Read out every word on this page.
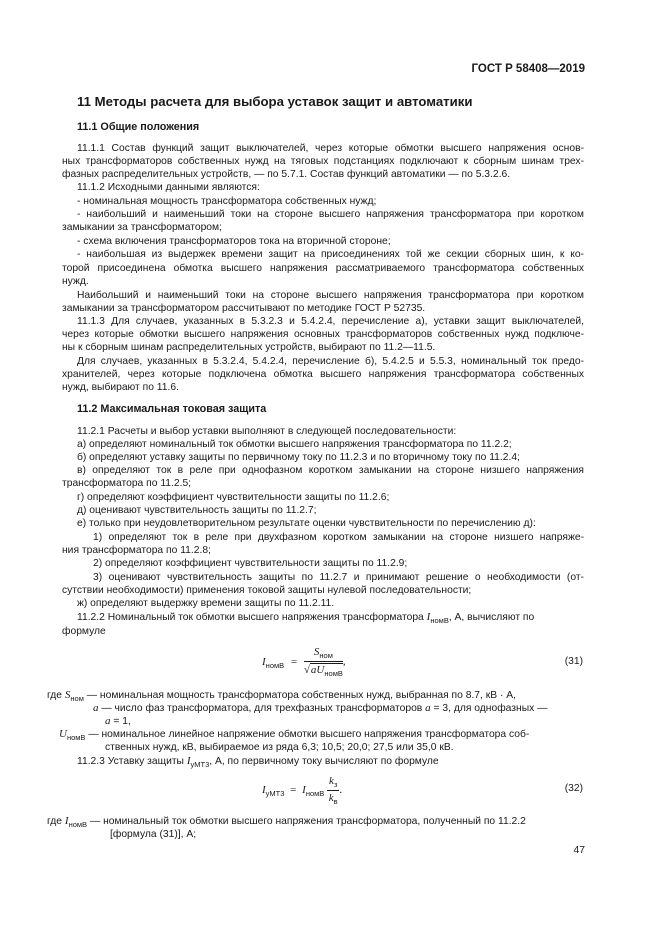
ГОСТ Р 58408—2019
11 Методы расчета для выбора уставок защит и автоматики
11.1 Общие положения
11.1.1 Состав функций защит выключателей, через которые обмотки высшего напряжения основ-
ных трансформаторов собственных нужд на тяговых подстанциях подключают к сборным шинам трех-
фазных распределительных устройств, — по 5.7.1. Состав функций автоматики — по 5.3.2.6.
11.1.2 Исходными данными являются:
- номинальная мощность трансформатора собственных нужд;
- наибольший и наименьший токи на стороне высшего напряжения трансформатора при коротком
замыкании за трансформатором;
- схема включения трансформаторов тока на вторичной стороне;
- наибольшая из выдержек времени защит на присоединениях той же секции сборных шин, к ко-
торой присоединена обмотка высшего напряжения рассматриваемого трансформатора собственных
нужд.
Наибольший и наименьший токи на стороне высшего напряжения трансформатора при коротком
замыкании за трансформатором рассчитывают по методике ГОСТ Р 52735.
11.1.3 Для случаев, указанных в 5.3.2.3 и 5.4.2.4, перечисление а), уставки защит выключателей,
через которые обмотки высшего напряжения основных трансформаторов собственных нужд подключе-
ны к сборным шинам распределительных устройств, выбирают по 11.2—11.5.
Для случаев, указанных в 5.3.2.4, 5.4.2.4, перечисление б), 5.4.2.5 и 5.5.3, номинальный ток предо-
хранителей, через которые подключена обмотка высшего напряжения трансформатора собственных
нужд, выбирают по 11.6.
11.2 Максимальная токовая защита
11.2.1 Расчеты и выбор уставки выполняют в следующей последовательности:
а) определяют номинальный ток обмотки высшего напряжения трансформатора по 11.2.2;
б) определяют уставку защиты по первичному току по 11.2.3 и по вторичному току по 11.2.4;
в) определяют ток в реле при однофазном коротком замыкании на стороне низшего напряжения
трансформатора по 11.2.5;
г) определяют коэффициент чувствительности защиты по 11.2.6;
д) оценивают чувствительность защиты по 11.2.7;
е) только при неудовлетворительном результате оценки чувствительности по перечислению д):
1) определяют ток в реле при двухфазном коротком замыкании на стороне низшего напряже-
ния трансформатора по 11.2.8;
2) определяют коэффициент чувствительности защиты по 11.2.9;
3) оценивают чувствительность защиты по 11.2.7 и принимают решение о необходимости (от-
сутствии необходимости) применения токовой защиты нулевой последовательности;
ж) определяют выдержку времени защиты по 11.2.11.
11.2.2 Номинальный ток обмотки высшего напряжения трансформатора $I_{номВ}$, А, вычисляют по
формуле
$I_{номВ} = \frac{S_{ном}}{√aU_{номВ}}$ ,	(31)
где $S_{ном}$ — номинальная мощность трансформатора собственных нужд, выбранная по 8.7, кВ · А,
a — число фаз трансформатора, для трехфазных трансформаторов a = 3, для однофазных —
a = 1,
$U_{номВ}$ — номинальное линейное напряжение обмотки высшего напряжения трансформатора соб-
ственных нужд, кВ, выбираемое из ряда 6,3; 10,5; 20,0; 27,5 или 35,0 кВ.
11.2.3 Уставку защиты $I_{уМТ3}$, А, по первичному току вычисляют по формуле
$I_{уМТ3} = I_{номВ} \frac{k_з}{k_в}$ .	(32)
где $I_{номВ}$ — номинальный ток обмотки высшего напряжения трансформатора, полученный по 11.2.2
[формула (31)], А;
47
